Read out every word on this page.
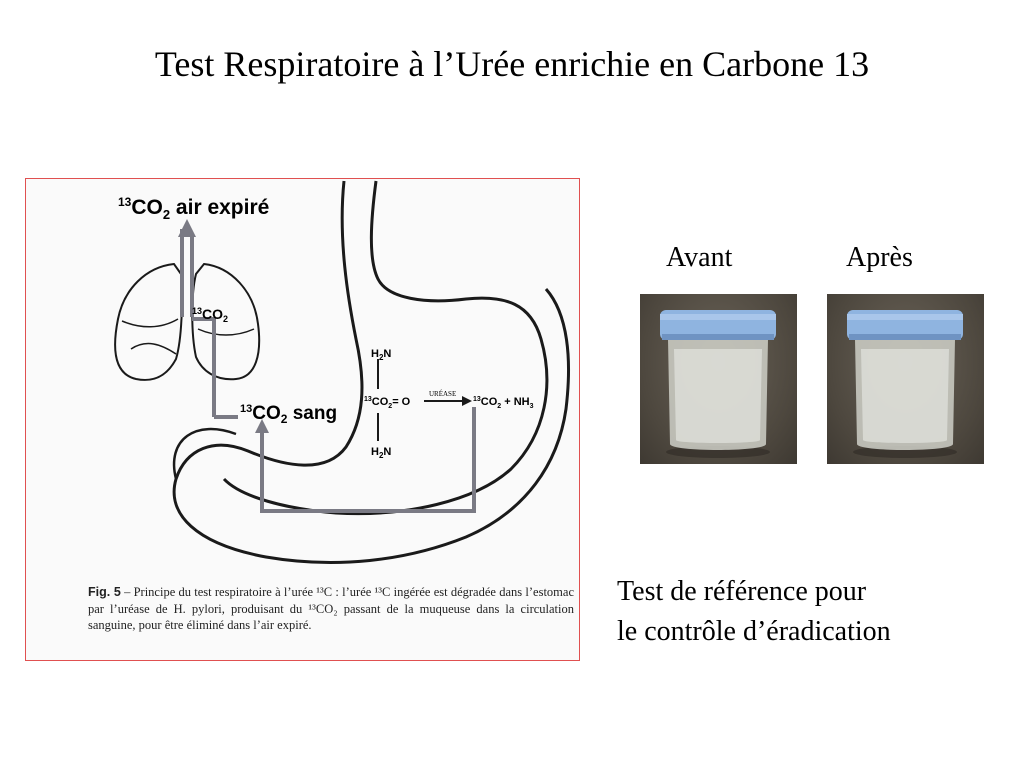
Test Respiratoire à l’Urée enrichie en Carbone 13
$^{13}CO_2$ air expiré
$^{13}CO_2$
$^{13}CO_2$ sang
$H_2N$
$^{13}CO_2= O$
URÉASE
$^{13}CO_2 + NH_3$
$H_2N$
Fig. 5 – Principe du test respiratoire à l’urée ¹³C : l’urée ¹³C ingérée est dégradée dans l’estomac par l’uréase de H. pylori, produisant du ¹³CO₂ passant de la muqueuse dans la circulation sanguine, pour être éliminé dans l’air expiré.
Avant	Après
Test de référence pour
le contrôle d’éradication
